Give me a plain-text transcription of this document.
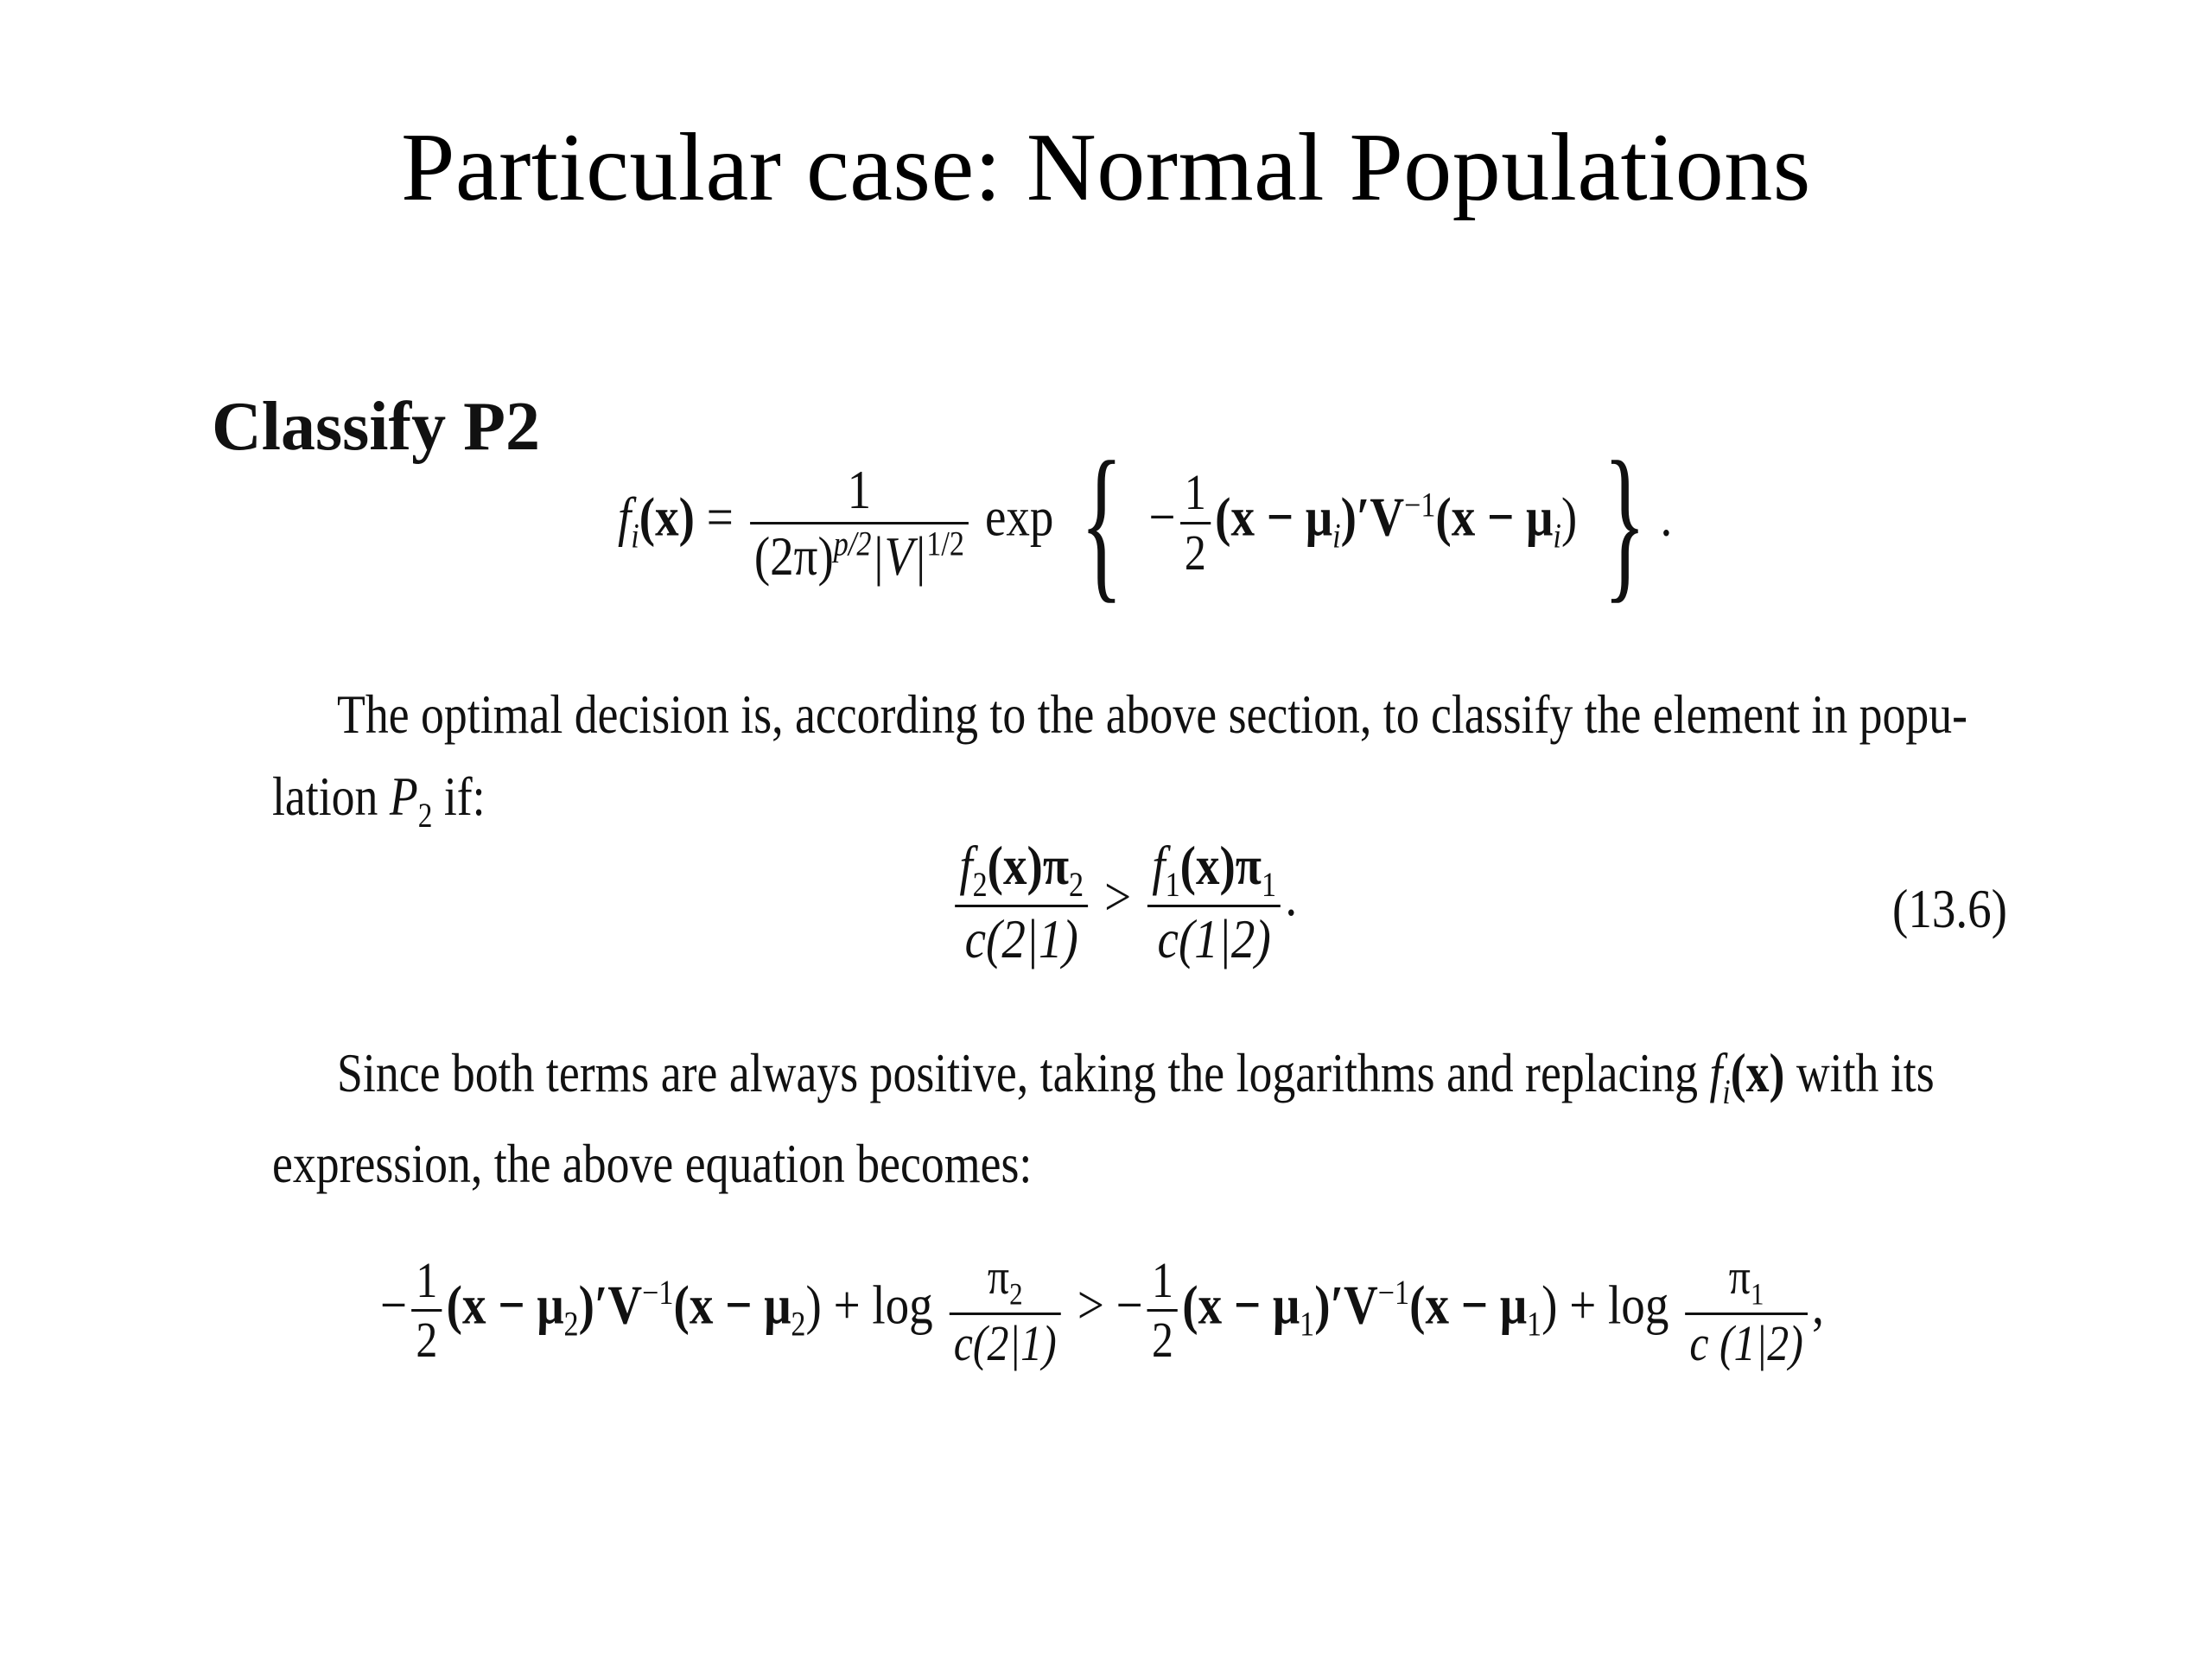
Particular case: Normal Populations
Classify P2
$f_i(x) = \frac{1}{(2\pi)^{p/2}|V|^{1/2}}$ exp { − $\frac{1}{2} (x - \mu_i)'V^{-1}(x - \mu_i)$ } .
The optimal decision is, according to the above section, to classify the element in popu-
lation $P_2$ if:
$\frac{f_2(x)\pi_2}{c(2|1)} > \frac{f_1(x)\pi_1}{c(1|2)}$ .	(13.6)
Since both terms are always positive, taking the logarithms and replacing $f_i(x)$ with its
expression, the above equation becomes:
− $\frac{1}{2} (x - \mu_2)'V^{-1}(x - \mu_2) + \log \frac{\pi_2}{c(2|1)}$ > − $\frac{1}{2} (x - \mu_1)'V^{-1}(x - \mu_1) + \log \frac{\pi_1}{c (1|2)}$ ,
